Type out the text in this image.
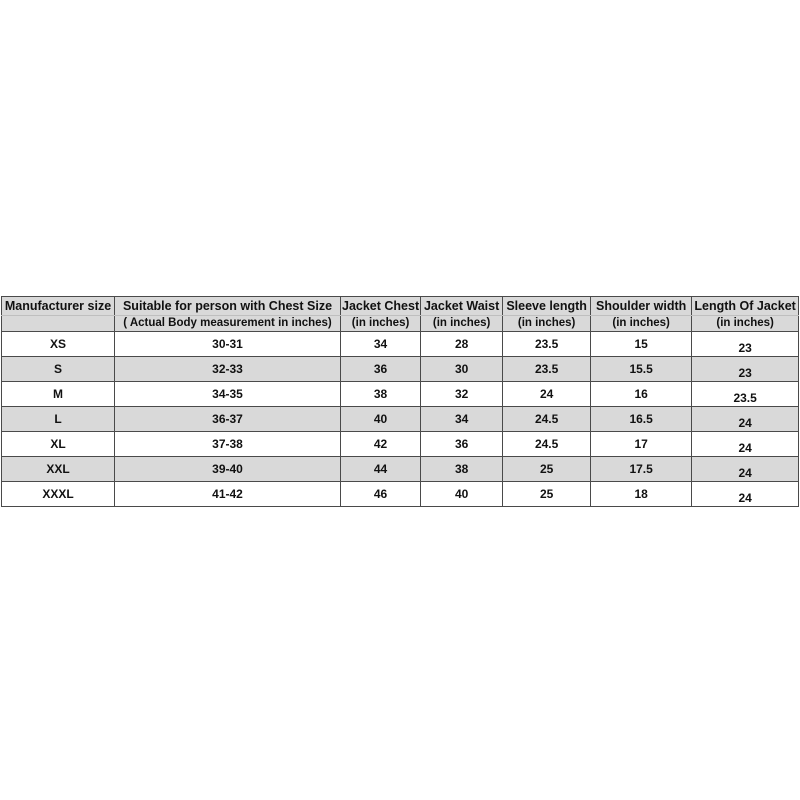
Manufacturer size	Suitable for person with Chest Size	Jacket Chest	Jacket Waist	Sleeve length	Shoulder width	Length Of Jacket
	( Actual Body measurement in inches)	(in inches)	(in inches)	(in inches)	(in inches)	(in inches)
XS	30-31	34	28	23.5	15	23
S	32-33	36	30	23.5	15.5	23
M	34-35	38	32	24	16	23.5
L	36-37	40	34	24.5	16.5	24
XL	37-38	42	36	24.5	17	24
XXL	39-40	44	38	25	17.5	24
XXXL	41-42	46	40	25	18	24
